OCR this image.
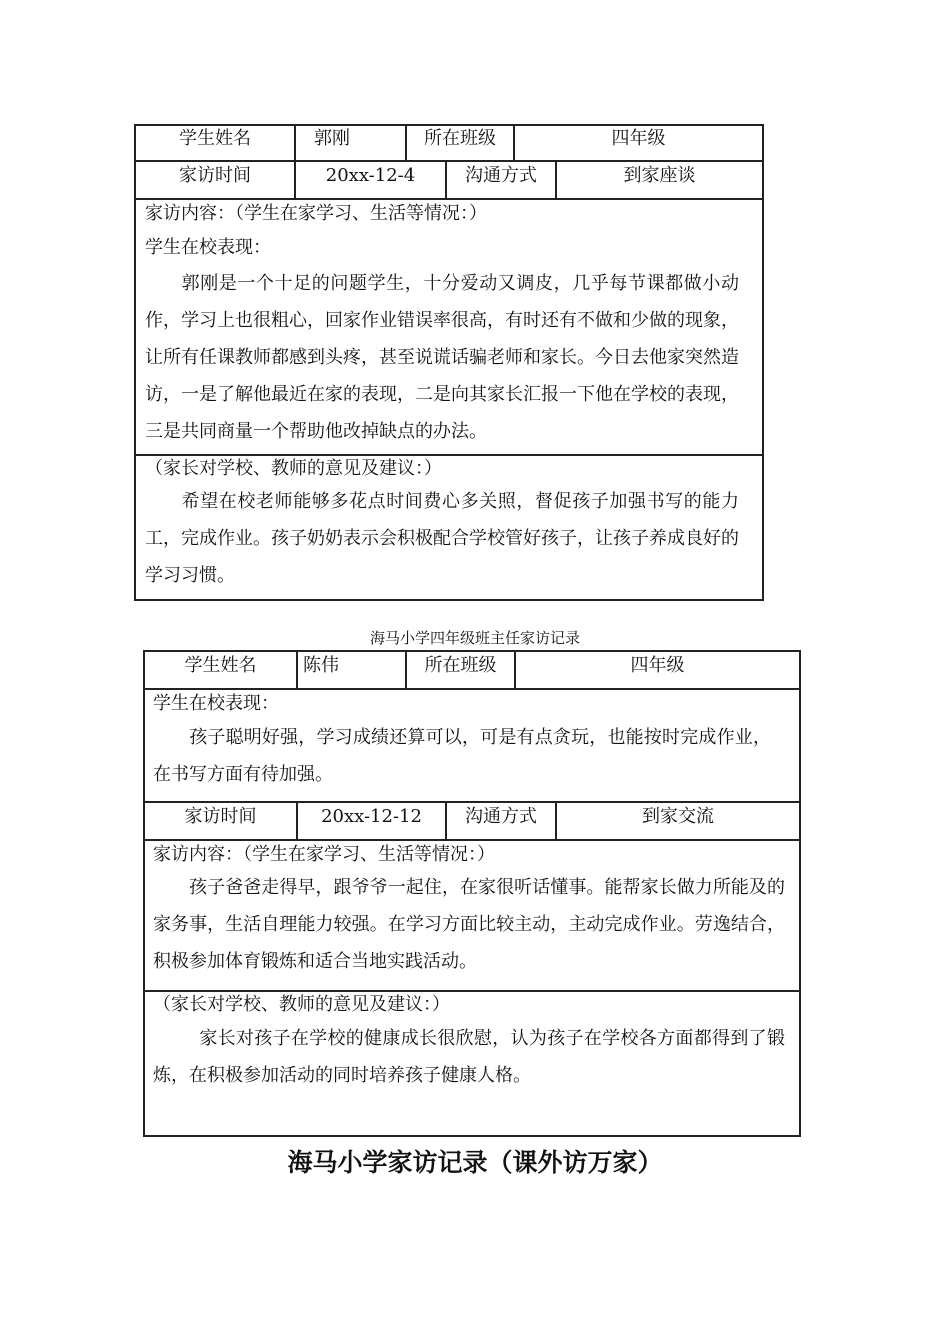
学生姓名	郭刚	所在班级	四年级
家访时间	20xx-12-4	沟通方式	到家座谈
家访内容：（学生在家学习、生活等情况：）
学生在校表现：
郭刚是一个十足的问题学生，十分爱动又调皮，几乎每节课都做小动作，学习上也很粗心，回家作业错误率很高，有时还有不做和少做的现象，让所有任课教师都感到头疼，甚至说谎话骗老师和家长。今日去他家突然造访，一是了解他最近在家的表现，二是向其家长汇报一下他在学校的表现，三是共同商量一个帮助他改掉缺点的办法。
（家长对学校、教师的意见及建议：）
希望在校老师能够多花点时间费心多关照，督促孩子加强书写的能力工，完成作业。孩子奶奶表示会积极配合学校管好孩子，让孩子养成良好的学习习惯。
海马小学四年级班主任家访记录
学生姓名	陈伟	所在班级	四年级
学生在校表现：
孩子聪明好强，学习成绩还算可以，可是有点贪玩，也能按时完成作业，在书写方面有待加强。
家访时间	20xx-12-12	沟通方式	到家交流
家访内容：（学生在家学习、生活等情况：）
孩子爸爸走得早，跟爷爷一起住，在家很听话懂事。能帮家长做力所能及的家务事，生活自理能力较强。在学习方面比较主动，主动完成作业。劳逸结合，积极参加体育锻炼和适合当地实践活动。
（家长对学校、教师的意见及建议：）
家长对孩子在学校的健康成长很欣慰，认为孩子在学校各方面都得到了锻炼，在积极参加活动的同时培养孩子健康人格。
海马小学家访记录（课外访万家）
